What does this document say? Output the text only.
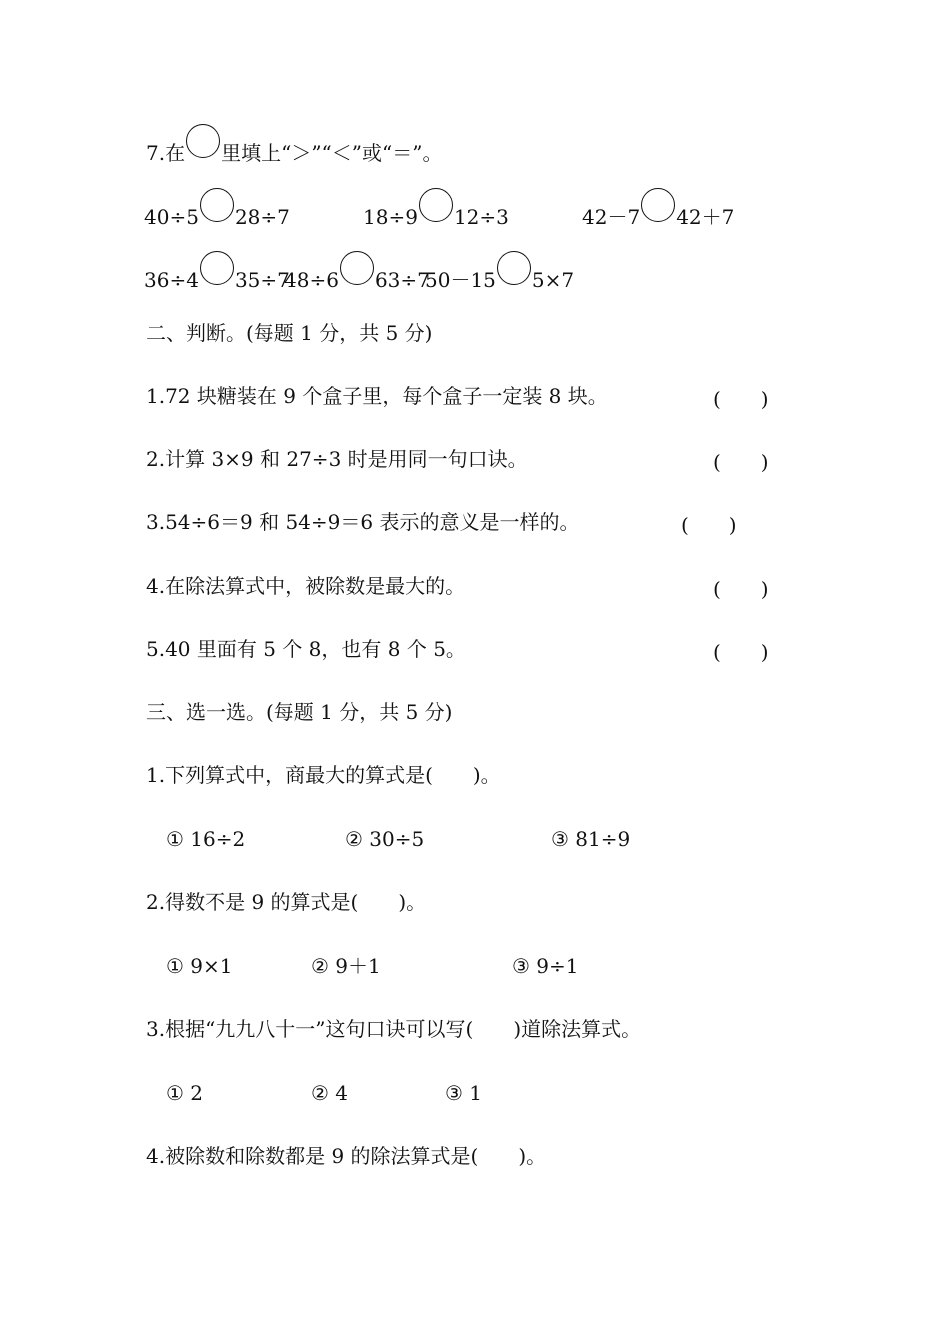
7.在 里填上“＞”“＜”或“＝”。
40÷5 28÷7	18÷9 12÷3	42－7 42＋7
36÷4 35÷7
48÷6 63÷7
50－15 5×7
二、判断。(每题 1 分，共 5 分)
1.72 块糖装在 9 个盒子里，每个盒子一定装 8 块。	(　　)
2.计算 3×9 和 27÷3 时是用同一句口诀。	(　　)
3.54÷6＝9 和 54÷9＝6 表示的意义是一样的。	(　　)
4.在除法算式中，被除数是最大的。	(　　)
5.40 里面有 5 个 8，也有 8 个 5。	(　　)
三、选一选。(每题 1 分，共 5 分)
1.下列算式中，商最大的算式是(　　)。
① 16÷2	② 30÷5	③ 81÷9
2.得数不是 9 的算式是(　　)。
① 9×1	② 9＋1	③ 9÷1
3.根据“九九八十一”这句口诀可以写(　　)道除法算式。
① 2	② 4	③ 1
4.被除数和除数都是 9 的除法算式是(　　)。
